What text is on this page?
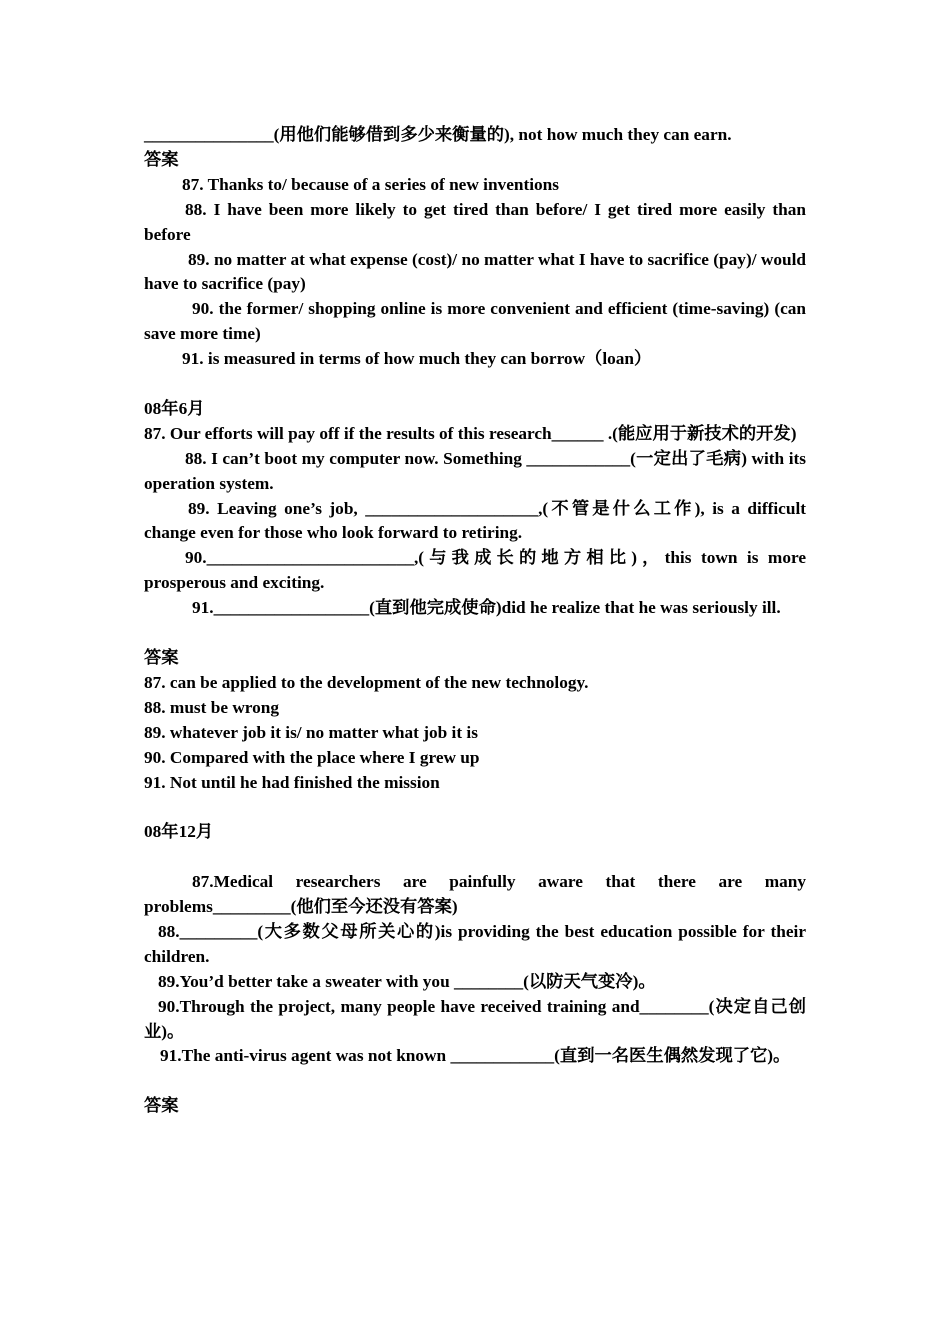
_______________(用他们能够借到多少来衡量的), not how much they can earn.

答案

87. Thanks to/ because of a series of new inventions

88. I have been more likely to get tired than before/ I get tired more easily than before

89. no matter at what expense (cost)/ no matter what I have to sacrifice (pay)/ would have to sacrifice (pay)

90. the former/ shopping online is more convenient and efficient (time-saving) (can save more time)

91. is measured in terms of how much they can borrow（loan）

08年6月

87. Our efforts will pay off if the results of this research______ .(能应用于新技术的开发)

88. I can’t boot my computer now. Something ____________(一定出了毛病) with its operation system.

89. Leaving one’s job, ____________________,(不管是什么工作), is a difficult change even for those who look forward to retiring.

90.________________________,(与我成长的地方相比)，this town is more prosperous and exciting.

91.__________________(直到他完成使命)did he realize that he was seriously ill.

答案

87. can be applied to the development of the new technology.

88. must be wrong

89. whatever job it is/ no matter what job it is

90. Compared with the place where I grew up

91. Not until he had finished the mission

08年12月

87.Medical researchers are painfully aware that there are many problems_________(他们至今还没有答案)

88._________(大多数父母所关心的)is providing the best education possible for their children.

89.You’d better take a sweater with you ________(以防天气变冷)。

90.Through the project, many people have received training and________(决定自己创业)。

91.The anti-virus agent was not known ____________(直到一名医生偶然发现了它)。

答案
